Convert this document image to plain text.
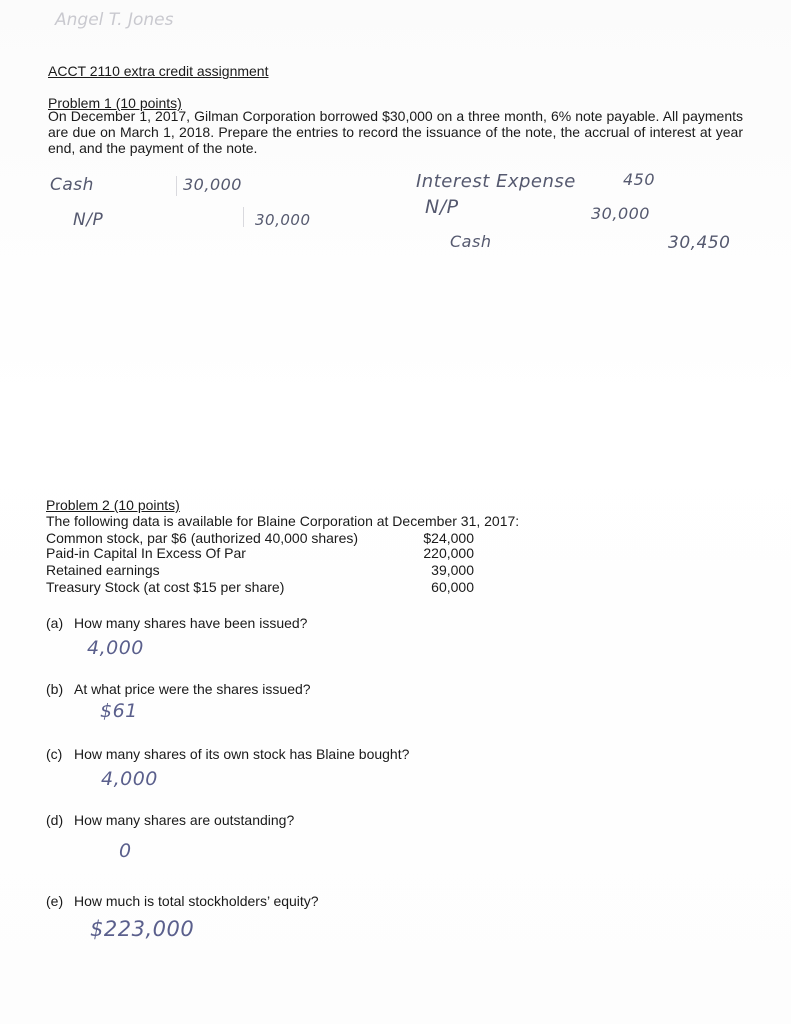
Angel T. Jones
ACCT 2110 extra credit assignment
Problem 1 (10 points)
On December 1, 2017, Gilman Corporation borrowed $30,000 on a three month, 6% note payable. All payments are due on March 1, 2018. Prepare the entries to record the issuance of the note, the accrual of interest at year end, and the payment of the note.
Cash	30,000
N/P	30,000
Interest Expense	450
N/P	30,000
Cash	30,450
Problem 2 (10 points)
The following data is available for Blaine Corporation at December 31, 2017:
Common stock, par $6 (authorized 40,000 shares)	$24,000
Paid-in Capital In Excess Of Par	220,000
Retained earnings	39,000
Treasury Stock (at cost $15 per share)	60,000
(a) How many shares have been issued?
4,000
(b) At what price were the shares issued?
$61
(c) How many shares of its own stock has Blaine bought?
4,000
(d) How many shares are outstanding?
0
(e) How much is total stockholders’ equity?
$223,000
